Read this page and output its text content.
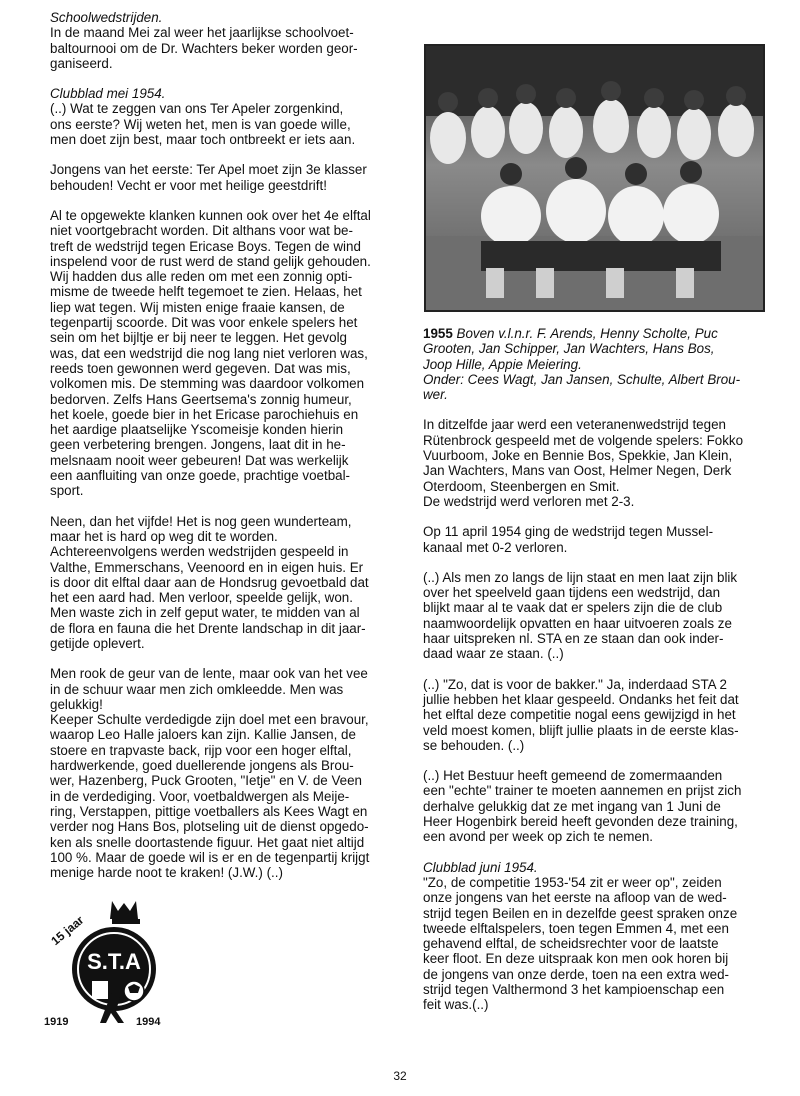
Schoolwedstrijden.
In de maand Mei zal weer het jaarlijkse schoolvoet-
baltournooi om de Dr. Wachters beker worden geor-
ganiseerd.
Clubblad mei 1954.
(..) Wat te zeggen van ons Ter Apeler zorgenkind,
ons eerste? Wij weten het, men is van goede wille,
men doet zijn best, maar toch ontbreekt er iets aan.
Jongens van het eerste: Ter Apel moet zijn 3e klasser
behouden! Vecht er voor met heilige geestdrift!
Al te opgewekte klanken kunnen ook over het 4e elftal
niet voortgebracht worden. Dit althans voor wat be-
treft de wedstrijd tegen Ericase Boys. Tegen de wind
inspelend voor de rust werd de stand gelijk gehouden.
Wij hadden dus alle reden om met een zonnig opti-
misme de tweede helft tegemoet te zien. Helaas, het
liep wat tegen. Wij misten enige fraaie kansen, de
tegenpartij scoorde. Dit was voor enkele spelers het
sein om het bijltje er bij neer te leggen. Het gevolg
was, dat een wedstrijd die nog lang niet verloren was,
reeds toen gewonnen werd gegeven. Dat was mis,
volkomen mis. De stemming was daardoor volkomen
bedorven. Zelfs Hans Geertsema's zonnig humeur,
het koele, goede bier in het Ericase parochiehuis en
het aardige plaatselijke Yscomeisje konden hierin
geen verbetering brengen. Jongens, laat dit in he-
melsnaam nooit weer gebeuren! Dat was werkelijk
een aanfluiting van onze goede, prachtige voetbal-
sport.
Neen, dan het vijfde! Het is nog geen wunderteam,
maar het is hard op weg dit te worden.
Achtereenvolgens werden wedstrijden gespeeld in
Valthe, Emmerschans, Veenoord en in eigen huis. Er
is door dit elftal daar aan de Hondsrug gevoetbald dat
het een aard had. Men verloor, speelde gelijk, won.
Men waste zich in zelf geput water, te midden van al
de flora en fauna die het Drente landschap in dit jaar-
getijde oplevert.
Men rook de geur van de lente, maar ook van het vee
in de schuur waar men zich omkleedde. Men was
gelukkig!
Keeper Schulte verdedigde zijn doel met een bravour,
waarop Leo Halle jaloers kan zijn. Kallie Jansen, de
stoere en trapvaste back, rijp voor een hoger elftal,
hardwerkende, goed duellerende jongens als Brou-
wer, Hazenberg, Puck Grooten, "Ietje" en V. de Veen
in de verdediging. Voor, voetbaldwergen als Meije-
ring, Verstappen, pittige voetballers als Kees Wagt en
verder nog Hans Bos, plotseling uit de dienst opgedo-
ken als snelle doortastende figuur. Het gaat niet altijd
100 %. Maar de goede wil is er en de tegenpartij krijgt
menige harde noot te kraken! (J.W.) (..)
1955 Boven v.l.n.r. F. Arends, Henny Scholte, Puc
Grooten, Jan Schipper, Jan Wachters, Hans Bos,
Joop Hille, Appie Meiering.
Onder: Cees Wagt, Jan Jansen, Schulte, Albert Brou-
wer.
In ditzelfde jaar werd een veteranenwedstrijd tegen
Rütenbrock gespeeld met de volgende spelers: Fokko
Vuurboom, Joke en Bennie Bos, Spekkie, Jan Klein,
Jan Wachters, Mans van Oost, Helmer Negen, Derk
Oterdoom, Steenbergen en Smit.
De wedstrijd werd verloren met 2-3.
Op 11 april 1954 ging de wedstrijd tegen Mussel-
kanaal met 0-2 verloren.
(..) Als men zo langs de lijn staat en men laat zijn blik
over het speelveld gaan tijdens een wedstrijd, dan
blijkt maar al te vaak dat er spelers zijn die de club
naamwoordelijk opvatten en haar uitvoeren zoals ze
haar uitspreken nl. STA en ze staan dan ook inder-
daad waar ze staan. (..)
(..) "Zo, dat is voor de bakker." Ja, inderdaad STA 2
jullie hebben het klaar gespeeld. Ondanks het feit dat
het elftal deze competitie nogal eens gewijzigd in het
veld moest komen, blijft jullie plaats in de eerste klas-
se behouden. (..)
(..) Het Bestuur heeft gemeend de zomermaanden
een "echte" trainer te moeten aannemen en prijst zich
derhalve gelukkig dat ze met ingang van 1 Juni de
Heer Hogenbirk bereid heeft gevonden deze training,
een avond per week op zich te nemen.
Clubblad juni 1954.
"Zo, de competitie 1953-'54 zit er weer op", zeiden
onze jongens van het eerste na afloop van de wed-
strijd tegen Beilen en in dezelfde geest spraken onze
tweede elftalspelers, toen tegen Emmen 4, met een
gehavend elftal, de scheidsrechter voor de laatste
keer floot. En deze uitspraak kon men ook horen bij
de jongens van onze derde, toen na een extra wed-
strijd tegen Valthermond 3 het kampioenschap een
feit was.(..)
15 jaar
S.T.A
1919	1994
32
